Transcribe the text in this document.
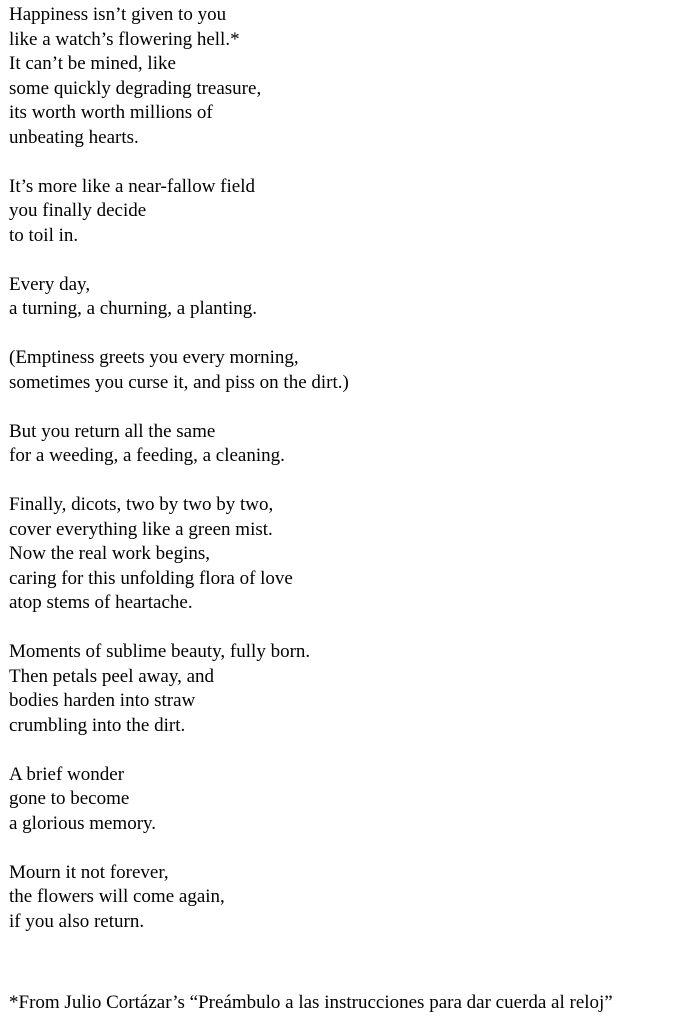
Happiness isn’t given to you
like a watch’s flowering hell.*
It can’t be mined, like
some quickly degrading treasure,
its worth worth millions of
unbeating hearts.
It’s more like a near-fallow field
you finally decide
to toil in.
Every day,
a turning, a churning, a planting.
(Emptiness greets you every morning,
sometimes you curse it, and piss on the dirt.)
But you return all the same
for a weeding, a feeding, a cleaning.
Finally, dicots, two by two by two,
cover everything like a green mist.
Now the real work begins,
caring for this unfolding flora of love
atop stems of heartache.
Moments of sublime beauty, fully born.
Then petals peel away, and
bodies harden into straw
crumbling into the dirt.
A brief wonder
gone to become
a glorious memory.
Mourn it not forever,
the flowers will come again,
if you also return.
*From Julio Cortázar’s “Preámbulo a las instrucciones para dar cuerda al reloj”
